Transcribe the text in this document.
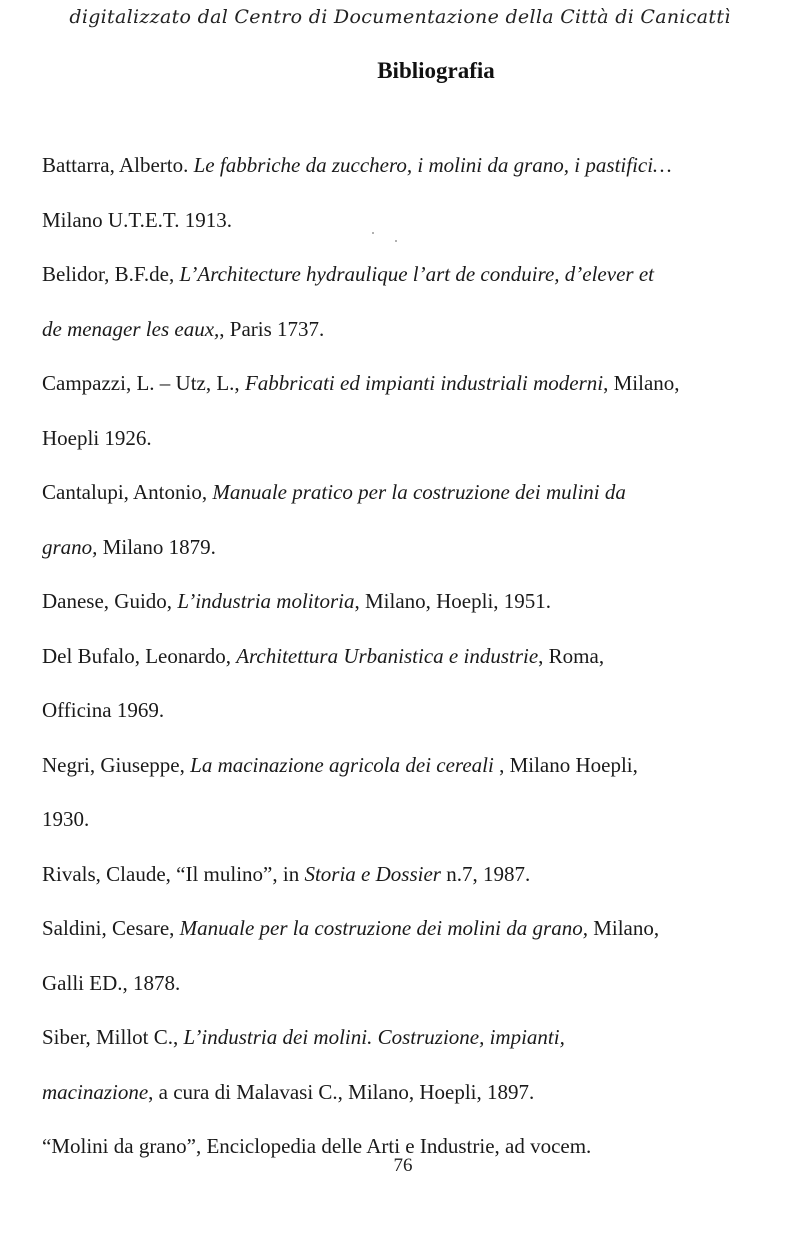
digitalizzato dal Centro di Documentazione della Città di Canicattì
Bibliografia
Battarra, Alberto. Le fabbriche da zucchero, i molini da grano, i pastifici…
Milano U.T.E.T. 1913.
Belidor, B.F.de, L’Architecture hydraulique l’art de conduire, d’elever et
de menager les eaux,, Paris 1737.
Campazzi, L. – Utz, L., Fabbricati ed impianti industriali moderni, Milano,
Hoepli 1926.
Cantalupi, Antonio, Manuale pratico per la costruzione dei mulini da
grano, Milano 1879.
Danese, Guido, L’industria molitoria, Milano, Hoepli, 1951.
Del Bufalo, Leonardo, Architettura Urbanistica e industrie, Roma,
Officina 1969.
Negri, Giuseppe, La macinazione agricola dei cereali , Milano Hoepli,
1930.
Rivals, Claude, “Il mulino”, in Storia e Dossier n.7, 1987.
Saldini, Cesare, Manuale per la costruzione dei molini da grano, Milano,
Galli ED., 1878.
Siber, Millot C., L’industria dei molini. Costruzione, impianti,
macinazione, a cura di Malavasi C., Milano, Hoepli, 1897.
“Molini da grano”, Enciclopedia delle Arti e Industrie, ad vocem.
76
